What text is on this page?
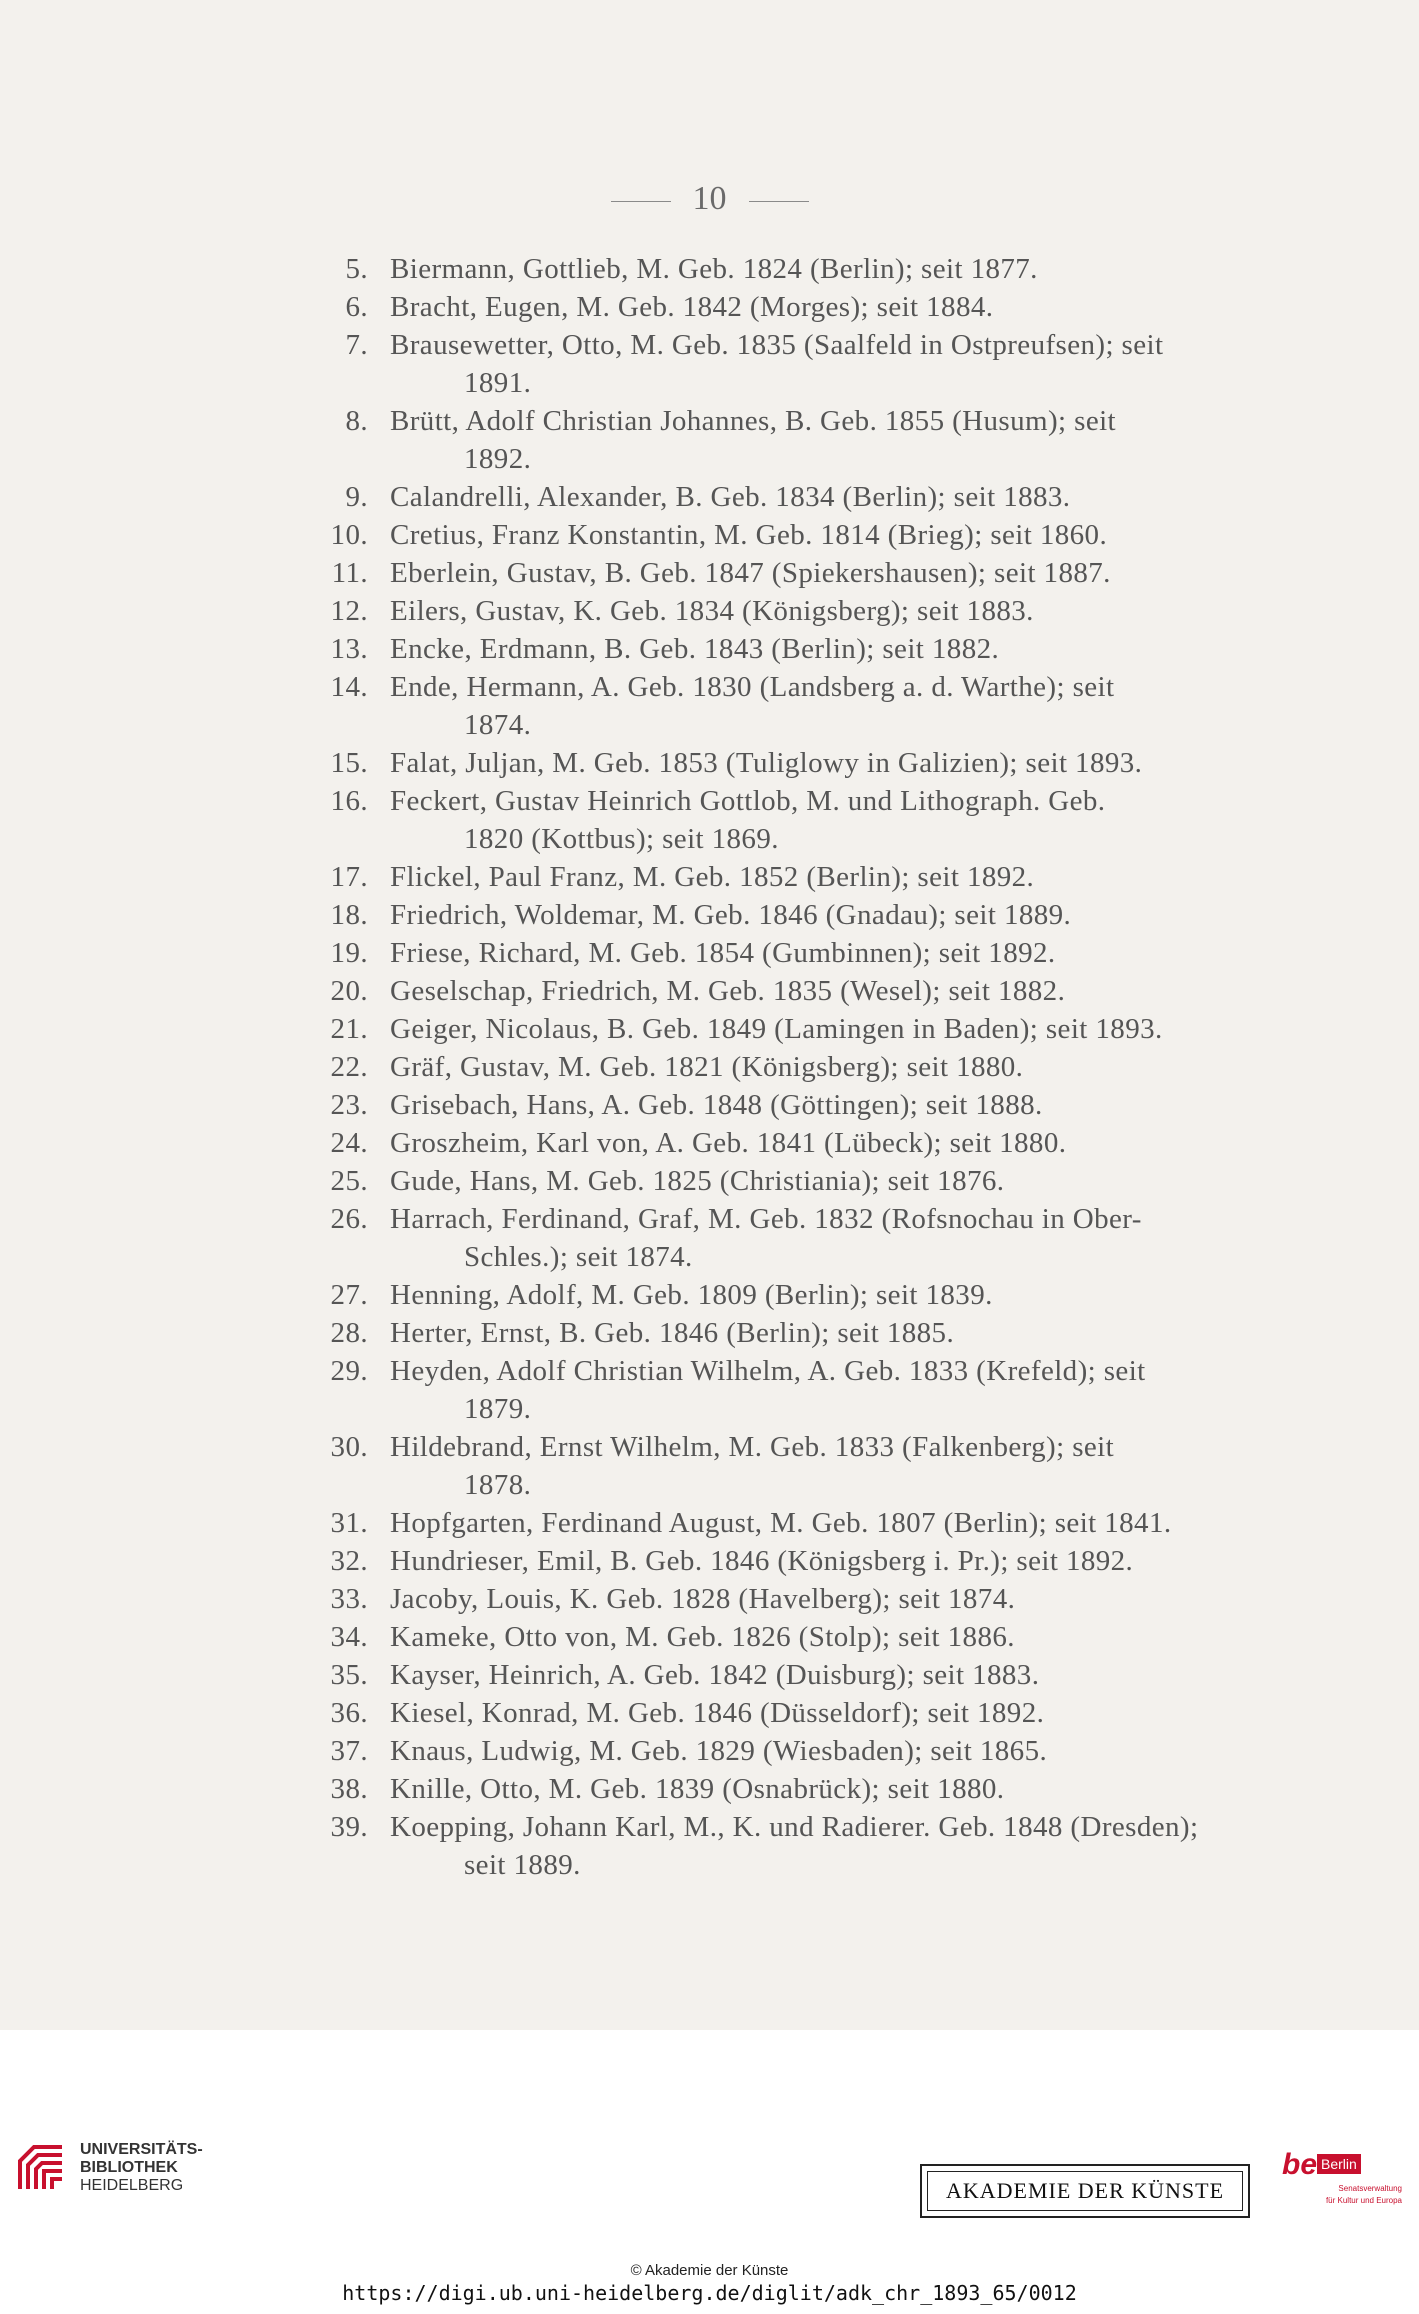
10
5. Biermann, Gottlieb, M. Geb. 1824 (Berlin); seit 1877.
6. Bracht, Eugen, M. Geb. 1842 (Morges); seit 1884.
7. Brausewetter, Otto, M. Geb. 1835 (Saalfeld in Ostpreufsen); seit
1891.
8. Brütt, Adolf Christian Johannes, B. Geb. 1855 (Husum); seit
1892.
9. Calandrelli, Alexander, B. Geb. 1834 (Berlin); seit 1883.
10. Cretius, Franz Konstantin, M. Geb. 1814 (Brieg); seit 1860.
11. Eberlein, Gustav, B. Geb. 1847 (Spiekershausen); seit 1887.
12. Eilers, Gustav, K. Geb. 1834 (Königsberg); seit 1883.
13. Encke, Erdmann, B. Geb. 1843 (Berlin); seit 1882.
14. Ende, Hermann, A. Geb. 1830 (Landsberg a. d. Warthe); seit
1874.
15. Falat, Juljan, M. Geb. 1853 (Tuliglowy in Galizien); seit 1893.
16. Feckert, Gustav Heinrich Gottlob, M. und Lithograph. Geb.
1820 (Kottbus); seit 1869.
17. Flickel, Paul Franz, M. Geb. 1852 (Berlin); seit 1892.
18. Friedrich, Woldemar, M. Geb. 1846 (Gnadau); seit 1889.
19. Friese, Richard, M. Geb. 1854 (Gumbinnen); seit 1892.
20. Geselschap, Friedrich, M. Geb. 1835 (Wesel); seit 1882.
21. Geiger, Nicolaus, B. Geb. 1849 (Lamingen in Baden); seit 1893.
22. Gräf, Gustav, M. Geb. 1821 (Königsberg); seit 1880.
23. Grisebach, Hans, A. Geb. 1848 (Göttingen); seit 1888.
24. Groszheim, Karl von, A. Geb. 1841 (Lübeck); seit 1880.
25. Gude, Hans, M. Geb. 1825 (Christiania); seit 1876.
26. Harrach, Ferdinand, Graf, M. Geb. 1832 (Rofsnochau in Ober-
Schles.); seit 1874.
27. Henning, Adolf, M. Geb. 1809 (Berlin); seit 1839.
28. Herter, Ernst, B. Geb. 1846 (Berlin); seit 1885.
29. Heyden, Adolf Christian Wilhelm, A. Geb. 1833 (Krefeld); seit
1879.
30. Hildebrand, Ernst Wilhelm, M. Geb. 1833 (Falkenberg); seit
1878.
31. Hopfgarten, Ferdinand August, M. Geb. 1807 (Berlin); seit 1841.
32. Hundrieser, Emil, B. Geb. 1846 (Königsberg i. Pr.); seit 1892.
33. Jacoby, Louis, K. Geb. 1828 (Havelberg); seit 1874.
34. Kameke, Otto von, M. Geb. 1826 (Stolp); seit 1886.
35. Kayser, Heinrich, A. Geb. 1842 (Duisburg); seit 1883.
36. Kiesel, Konrad, M. Geb. 1846 (Düsseldorf); seit 1892.
37. Knaus, Ludwig, M. Geb. 1829 (Wiesbaden); seit 1865.
38. Knille, Otto, M. Geb. 1839 (Osnabrück); seit 1880.
39. Koepping, Johann Karl, M., K. und Radierer. Geb. 1848 (Dresden);
seit 1889.
UNIVERSITÄTS-
BIBLIOTHEK
HEIDELBERG	AKADEMIE DER KÜNSTE
be Berlin
Senatsverwaltung
für Kultur und Europa
© Akademie der Künste
https://digi.ub.uni-heidelberg.de/diglit/adk_chr_1893_65/0012
